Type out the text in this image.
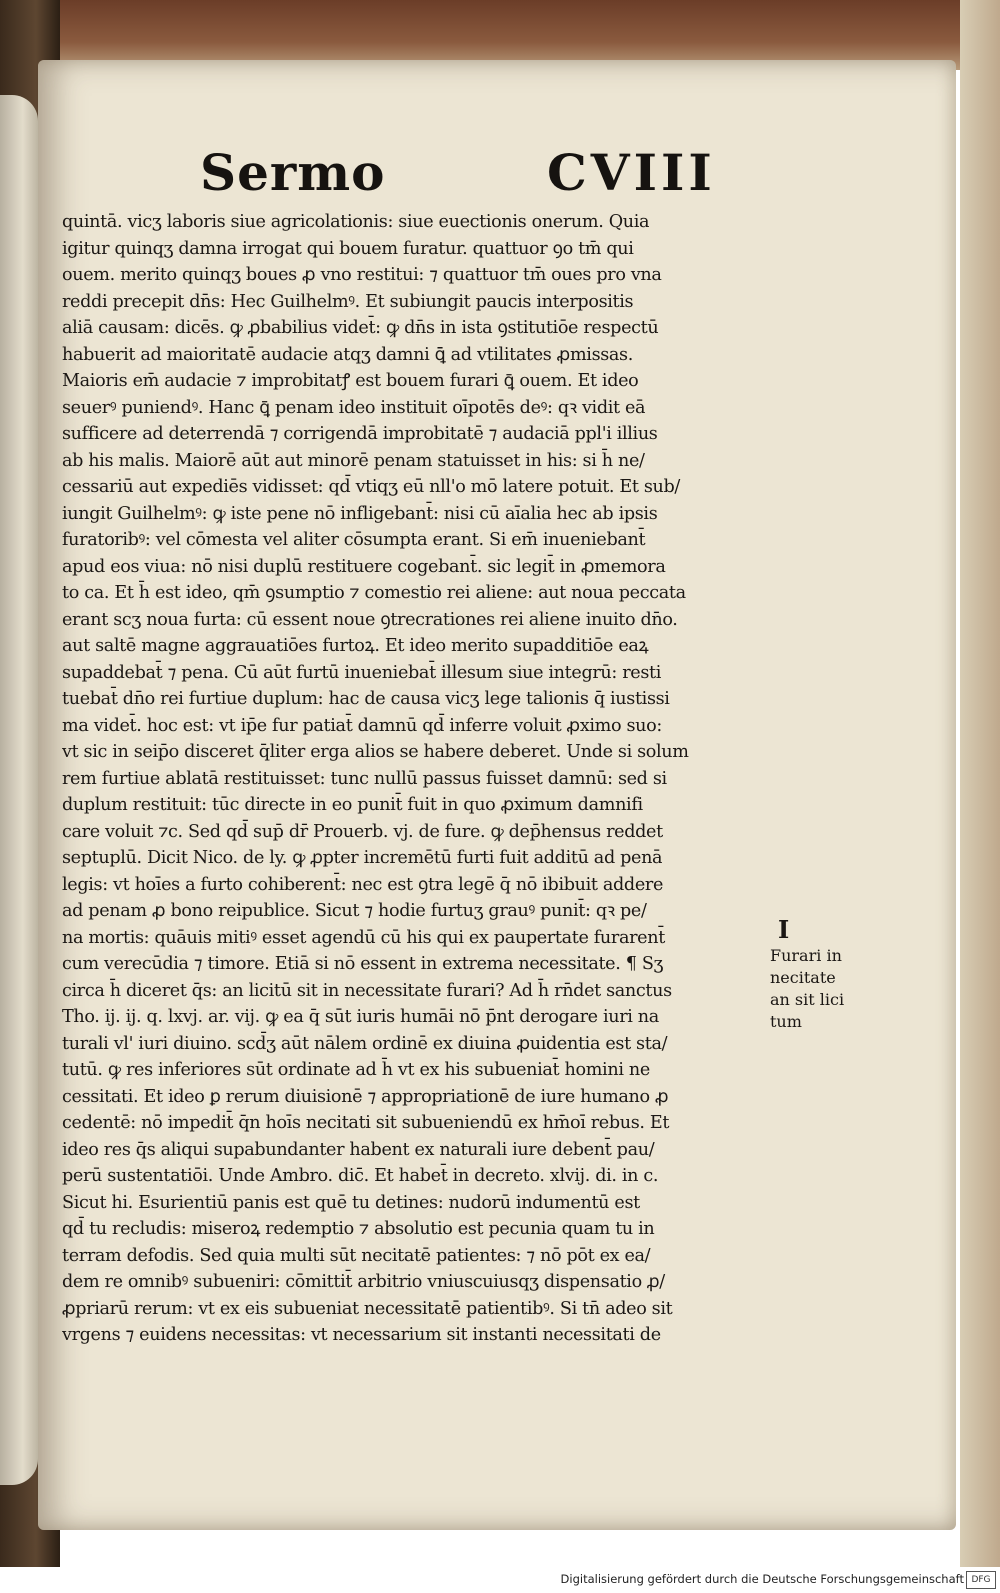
Sermo	CVIII
quintā. vicʒ laboris siue agricolationis: siue euectionis onerum. Quia
igitur quinqʒ damna irrogat qui bouem furatur. quattuor ꝯo tm̄ qui
ouem. merito quinqʒ boues ꝓ vno restitui: ⁊ quattuor tm̄ oues pro vna
reddi precepit dn̄s: Hec Guilhelmꝰ. Et subiungit paucis interpositis
aliā causam: dicēs. ꝙ ꝓbabilius videt̄: ꝙ dn̄s in ista ꝯstitutiōe respectū
habuerit ad maioritatē audacie atqʒ damni ꝗ̄ ad vtilitates ꝓmissas.
Maioris em̄ audacie ⁊ improbitatꝭ est bouem furari ꝗ̄ ouem. Et ideo
seuerꝰ puniendꝰ. Hanc ꝗ̄ penam ideo instituit oīpotēs deꝰ: qꝛ vidit eā
sufficere ad deterrendā ⁊ corrigendā improbitatē ⁊ audaciā ppl'i illius
ab his malis. Maiorē aūt aut minorē penam statuisset in his: si h̄ ne/
cessariū aut expediēs vidisset: qd̄ vtiqʒ eū nll'o mō latere potuit. Et sub/
iungit Guilhelmꝰ: ꝙ iste pene nō infligebant̄: nisi cū aīalia hec ab ipsis
furatoribꝰ: vel cōmesta vel aliter cōsumpta erant. Si em̄ inueniebant̄
apud eos viua: nō nisi duplū restituere cogebant̄. sic legit̄ in ꝓmemora
to ca. Et h̄ est ideo, qm̄ ꝯsumptio ⁊ comestio rei aliene: aut noua peccata
erant scʒ noua furta: cū essent noue ꝯtrecrationes rei aliene inuito dn̄o.
aut saltē magne aggrauatiōes furtoꝝ. Et ideo merito supadditiōe eaꝝ
supaddebat̄ ⁊ pena. Cū aūt furtū inueniebat̄ illesum siue integrū: resti
tuebat̄ dn̄o rei furtiue duplum: hac de causa vicʒ lege talionis q̄ iustissi
ma videt̄. hoc est: vt ip̄e fur patiat̄ damnū qd̄ inferre voluit ꝓximo suo:
vt sic in seip̄o disceret q̄liter erga alios se habere deberet. Unde si solum
rem furtiue ablatā restituisset: tunc nullū passus fuisset damnū: sed si
duplum restituit: tūc directe in eo punit̄ fuit in quo ꝓximum damnifi
care voluit ⁊c. Sed qd̄ sup̄ dr̄ Prouerb. vj. de fure. ꝙ dep̄hensus reddet
septuplū. Dicit Nico. de ly. ꝙ ꝓpter incremētū furti fuit additū ad penā
legis: vt hoīes a furto cohiberent̄: nec est ꝯtra legē q̄ nō ibibuit addere
ad penam ꝓ bono reipublice. Sicut ⁊ hodie furtuʒ grauꝰ punit̄: qꝛ pe/
na mortis: quāuis mitiꝰ esset agendū cū his qui ex paupertate furarent̄
cum verecūdia ⁊ timore. Etiā si nō essent in extrema necessitate. ¶ Sʒ
circa h̄ diceret q̄s: an licitū sit in necessitate furari? Ad h̄ rn̄det sanctus
Tho. ij. ij. q. lxvj. ar. vij. ꝙ ea q̄ sūt iuris humāi nō p̄nt derogare iuri na
turali vl' iuri diuino. scd̄ʒ aūt nālem ordinē ex diuina ꝓuidentia est sta/
tutū. ꝙ res inferiores sūt ordinate ad h̄ vt ex his subueniat̄ homini ne
cessitati. Et ideo ꝑ rerum diuisionē ⁊ appropriationē de iure humano ꝓ
cedentē: nō impedit̄ q̄n hoīs necitati sit subueniendū ex hm̄oī rebus. Et
ideo res q̄s aliqui supabundanter habent ex naturali iure debent̄ pau/
perū sustentatiōi. Unde Ambro. dic̄. Et habet̄ in decreto. xlvij. di. in c.
Sicut hi. Esurientiū panis est quē tu detines: nudorū indumentū est
qd̄ tu recludis: miseroꝝ redemptio ⁊ absolutio est pecunia quam tu in
terram defodis. Sed quia multi sūt necitatē patientes: ⁊ nō pōt ex ea/
dem re omnibꝰ subueniri: cōmittit̄ arbitrio vniuscuiusqʒ dispensatio ꝓ/
ꝓpriarū rerum: vt ex eis subueniat necessitatē patientibꝰ. Si tn̄ adeo sit
vrgens ⁊ euidens necessitas: vt necessarium sit instanti necessitati de
I
Furari in
necitate
an sit lici
tum
Digitalisierung gefördert durch die Deutsche Forschungsgemeinschaft DFG
